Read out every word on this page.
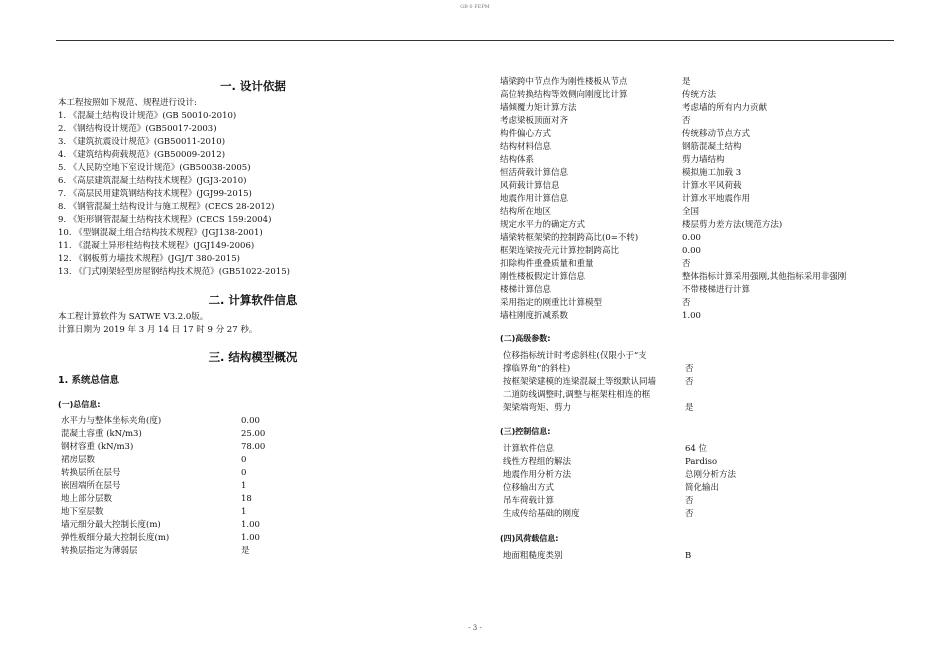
GB 0 FEPM
一. 设计依据
本工程按照如下规范、规程进行设计:
1. 《混凝土结构设计规范》(GB 50010-2010)
2. 《钢结构设计规范》(GB50017-2003)
3. 《建筑抗震设计规范》(GB50011-2010)
4. 《建筑结构荷载规范》(GB50009-2012)
5. 《人民防空地下室设计规范》(GB50038-2005)
6. 《高层建筑混凝土结构技术规程》(JGJ3-2010)
7. 《高层民用建筑钢结构技术规程》(JGJ99-2015)
8. 《钢管混凝土结构设计与施工规程》(CECS 28-2012)
9. 《矩形钢管混凝土结构技术规程》(CECS 159:2004)
10. 《型钢混凝土组合结构技术规程》(JGJ138-2001)
11. 《混凝土异形柱结构技术规程》(JGJ149-2006)
12. 《钢板剪力墙技术规程》(JGJ/T 380-2015)
13. 《门式刚架轻型房屋钢结构技术规范》(GB51022-2015)
二. 计算软件信息
本工程计算软件为 SATWE V3.2.0版。
计算日期为 2019 年 3 月 14 日 17 时 9 分 27 秒。
三. 结构模型概况
1. 系统总信息
(一)总信息:
水平力与整体坐标夹角(度)	0.00
混凝土容重 (kN/m3)	25.00
钢材容重 (kN/m3)	78.00
裙房层数	0
转换层所在层号	0
嵌固端所在层号	1
地上部分层数	18
地下室层数	1
墙元细分最大控制长度(m)	1.00
弹性板细分最大控制长度(m)	1.00
转换层指定为薄弱层	是
墙梁跨中节点作为刚性楼板从节点	是
高位转换结构等效侧向刚度比计算	传统方法
墙倾覆力矩计算方法	考虑墙的所有内力贡献
考虑梁板顶面对齐	否
构件偏心方式	传统移动节点方式
结构材料信息	钢筋混凝土结构
结构体系	剪力墙结构
恒活荷载计算信息	模拟施工加载 3
风荷载计算信息	计算水平风荷载
地震作用计算信息	计算水平地震作用
结构所在地区	全国
规定水平力的确定方式	楼层剪力差方法(规范方法)
墙梁转框架梁的控制跨高比(0=不转)	0.00
框架连梁按壳元计算控制跨高比	0.00
扣除构件重叠质量和重量	否
刚性楼板假定计算信息	整体指标计算采用强刚,其他指标采用非强刚
楼梯计算信息	不带楼梯进行计算
采用指定的刚重比计算模型	否
墙柱刚度折减系数	1.00
(二)高级参数:
位移指标统计时考虑斜柱(仅限小于“支
撑临界角”的斜柱)	否
按框架梁建模的连梁混凝土等级默认同墙	否
二道防线调整时,调整与框架柱相连的框
架梁端弯矩、剪力	是
(三)控制信息:
计算软件信息	64 位
线性方程组的解法	Pardiso
地震作用分析方法	总刚分析方法
位移输出方式	简化输出
吊车荷载计算	否
生成传给基础的刚度	否
(四)风荷载信息:
地面粗糙度类别	B
- 3 -
